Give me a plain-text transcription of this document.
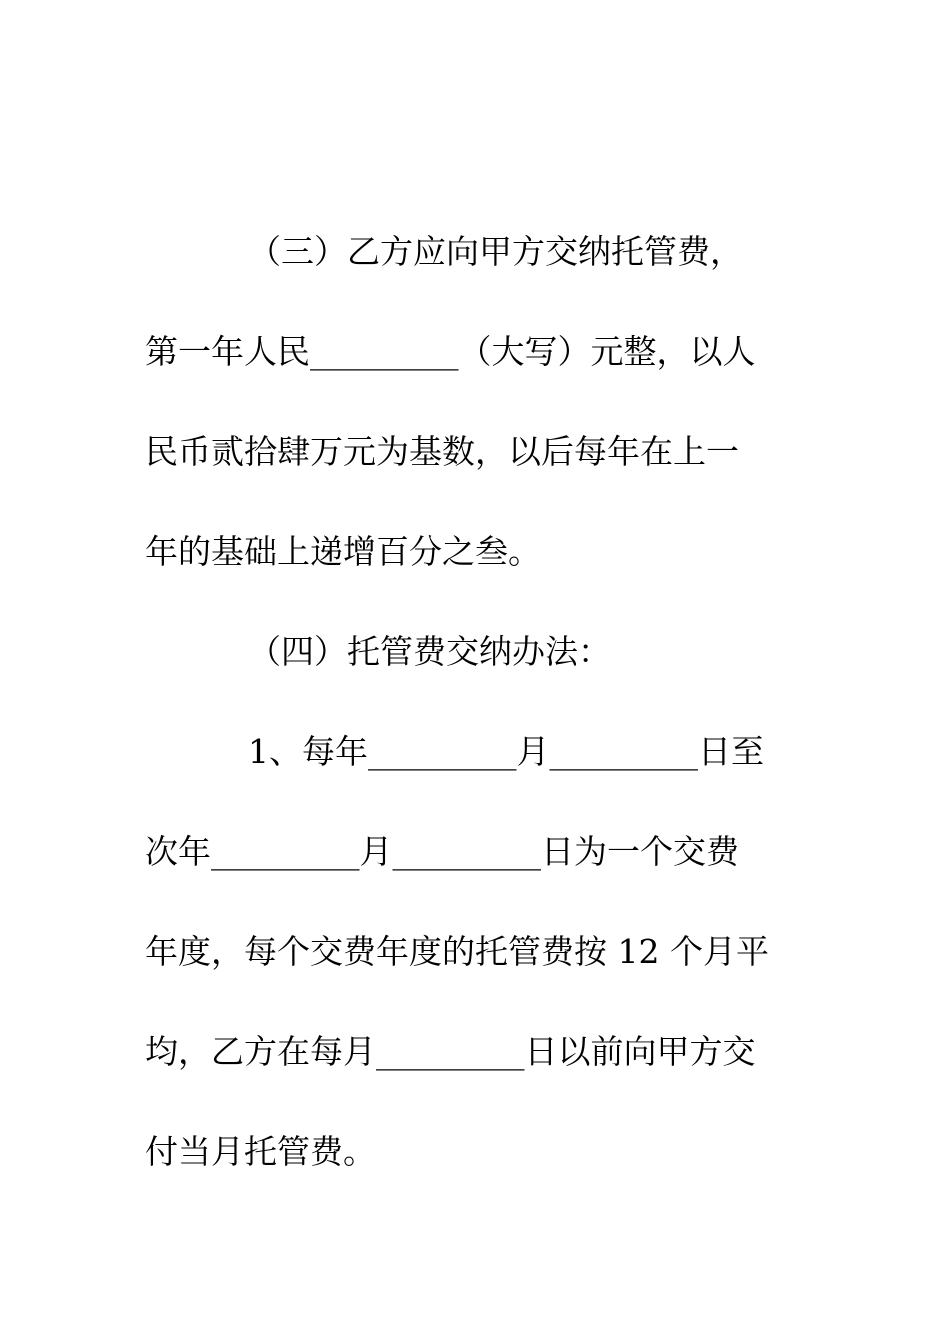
（三）乙方应向甲方交纳托管费，
第一年人民_________（大写）元整，以人
民币贰拾肆万元为基数，以后每年在上一
年的基础上递增百分之叁。
（四）托管费交纳办法：
1、每年_________月_________日至
次年_________月_________日为一个交费
年度，每个交费年度的托管费按 12 个月平
均，乙方在每月_________日以前向甲方交
付当月托管费。
